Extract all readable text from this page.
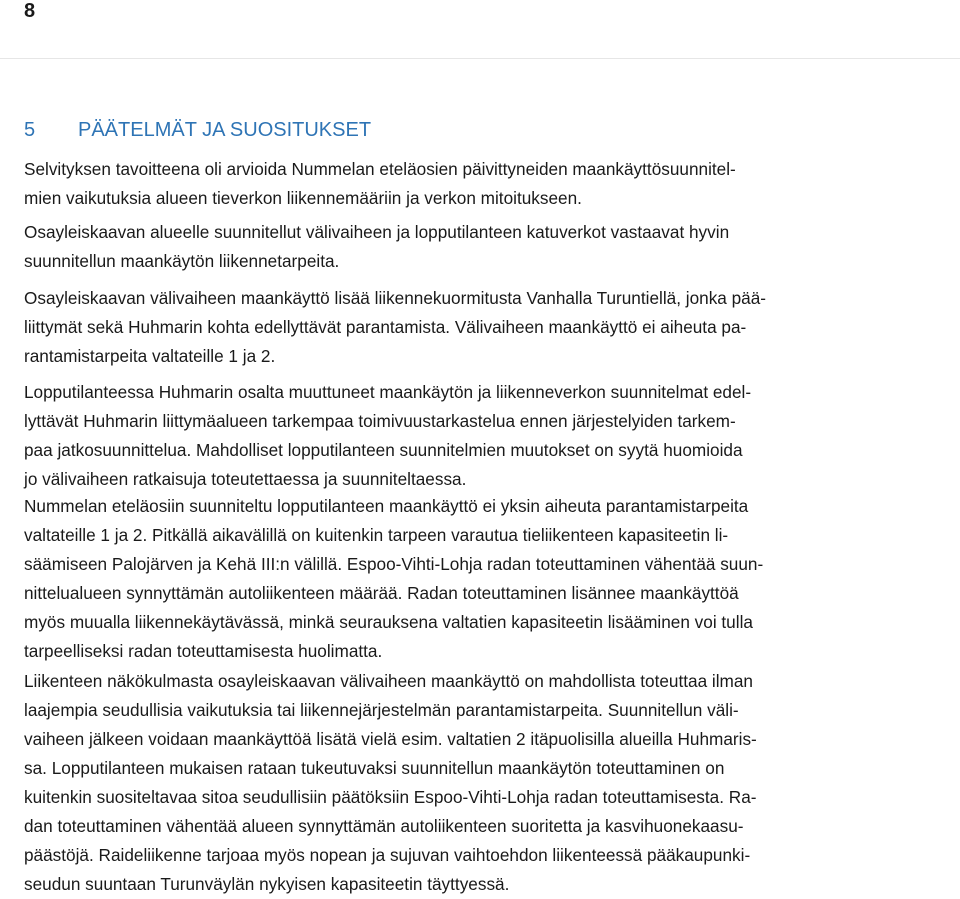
8
5 PÄÄTELMÄT JA SUOSITUKSET
Selvityksen tavoitteena oli arvioida Nummelan eteläosien päivittyneiden maankäyttösuunnitel-
mien vaikutuksia alueen tieverkon liikennemääriin ja verkon mitoitukseen.
Osayleiskaavan alueelle suunnitellut välivaiheen ja lopputilanteen katuverkot vastaavat hyvin
suunnitellun maankäytön liikennetarpeita.
Osayleiskaavan välivaiheen maankäyttö lisää liikennekuormitusta Vanhalla Turuntiellä, jonka pää-
liittymät sekä Huhmarin kohta edellyttävät parantamista. Välivaiheen maankäyttö ei aiheuta pa-
rantamistarpeita valtateille 1 ja 2.
Lopputilanteessa Huhmarin osalta muuttuneet maankäytön ja liikenneverkon suunnitelmat edel-
lyttävät Huhmarin liittymäalueen tarkempaa toimivuustarkastelua ennen järjestelyiden tarkem-
paa jatkosuunnittelua. Mahdolliset lopputilanteen suunnitelmien muutokset on syytä huomioida
jo välivaiheen ratkaisuja toteutettaessa ja suunniteltaessa.
Nummelan eteläosiin suunniteltu lopputilanteen maankäyttö ei yksin aiheuta parantamistarpeita
valtateille 1 ja 2. Pitkällä aikavälillä on kuitenkin tarpeen varautua tieliikenteen kapasiteetin li-
säämiseen Palojärven ja Kehä III:n välillä. Espoo-Vihti-Lohja radan toteuttaminen vähentää suun-
nittelualueen synnyttämän autoliikenteen määrää. Radan toteuttaminen lisännee maankäyttöä
myös muualla liikennekäytävässä, minkä seurauksena valtatien kapasiteetin lisääminen voi tulla
tarpeelliseksi radan toteuttamisesta huolimatta.
Liikenteen näkökulmasta osayleiskaavan välivaiheen maankäyttö on mahdollista toteuttaa ilman
laajempia seudullisia vaikutuksia tai liikennejärjestelmän parantamistarpeita. Suunnitellun väli-
vaiheen jälkeen voidaan maankäyttöä lisätä vielä esim. valtatien 2 itäpuolisilla alueilla Huhmaris-
sa. Lopputilanteen mukaisen rataan tukeutuvaksi suunnitellun maankäytön toteuttaminen on
kuitenkin suositeltavaa sitoa seudullisiin päätöksiin Espoo-Vihti-Lohja radan toteuttamisesta. Ra-
dan toteuttaminen vähentää alueen synnyttämän autoliikenteen suoritetta ja kasvihuonekaasu-
päästöjä. Raideliikenne tarjoaa myös nopean ja sujuvan vaihtoehdon liikenteessä pääkaupunki-
seudun suuntaan Turunväylän nykyisen kapasiteetin täyttyessä.
